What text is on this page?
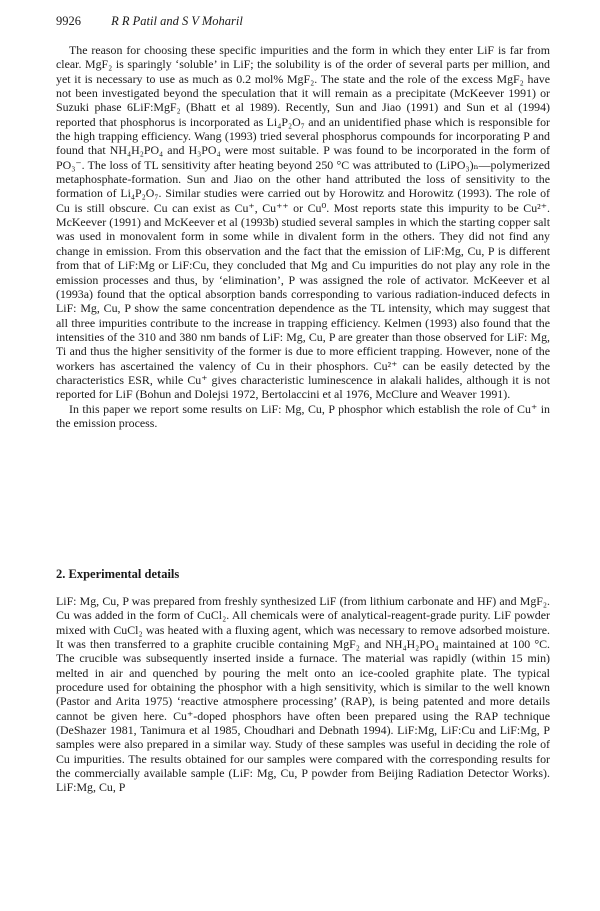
9926 R R Patil and S V Moharil

The reason for choosing these specific impurities and the form in which they enter LiF is far from clear. MgF₂ is sparingly ‘soluble’ in LiF; the solubility is of the order of several parts per million, and yet it is necessary to use as much as 0.2 mol% MgF₂. The state and the role of the excess MgF₂ have not been investigated beyond the speculation that it will remain as a precipitate (McKeever 1991) or Suzuki phase 6LiF:MgF₂ (Bhatt et al 1989). Recently, Sun and Jiao (1991) and Sun et al (1994) reported that phosphorus is incorporated as Li₄P₂O₇ and an unidentified phase which is responsible for the high trapping efficiency. Wang (1993) tried several phosphorus compounds for incorporating P and found that NH₄H₂PO₄ and H₃PO₄ were most suitable. P was found to be incorporated in the form of PO₃⁻. The loss of TL sensitivity after heating beyond 250 °C was attributed to (LiPO₃)ₙ—polymerized metaphosphate-formation. Sun and Jiao on the other hand attributed the loss of sensitivity to the formation of Li₄P₂O₇. Similar studies were carried out by Horowitz and Horowitz (1993). The role of Cu is still obscure. Cu can exist as Cu⁺, Cu⁺⁺ or Cu⁰. Most reports state this impurity to be Cu²⁺. McKeever (1991) and McKeever et al (1993b) studied several samples in which the starting copper salt was used in monovalent form in some while in divalent form in the others. They did not find any change in emission. From this observation and the fact that the emission of LiF:Mg, Cu, P is different from that of LiF:Mg or LiF:Cu, they concluded that Mg and Cu impurities do not play any role in the emission processes and thus, by ‘elimination’, P was assigned the role of activator. McKeever et al (1993a) found that the optical absorption bands corresponding to various radiation-induced defects in LiF: Mg, Cu, P show the same concentration dependence as the TL intensity, which may suggest that all three impurities contribute to the increase in trapping efficiency. Kelmen (1993) also found that the intensities of the 310 and 380 nm bands of LiF: Mg, Cu, P are greater than those observed for LiF: Mg, Ti and thus the higher sensitivity of the former is due to more efficient trapping. However, none of the workers has ascertained the valency of Cu in their phosphors. Cu²⁺ can be easily detected by the characteristics ESR, while Cu⁺ gives characteristic luminescence in alakali halides, although it is not reported for LiF (Bohun and Dolejsi 1972, Bertolaccini et al 1976, McClure and Weaver 1991).

In this paper we report some results on LiF: Mg, Cu, P phosphor which establish the role of Cu⁺ in the emission process.

2. Experimental details

LiF: Mg, Cu, P was prepared from freshly synthesized LiF (from lithium carbonate and HF) and MgF₂. Cu was added in the form of CuCl₂. All chemicals were of analytical-reagent-grade purity. LiF powder mixed with CuCl₂ was heated with a fluxing agent, which was necessary to remove adsorbed moisture. It was then transferred to a graphite crucible containing MgF₂ and NH₄H₂PO₄ maintained at 100 °C. The crucible was subsequently inserted inside a furnace. The material was rapidly (within 15 min) melted in air and quenched by pouring the melt onto an ice-cooled graphite plate. The typical procedure used for obtaining the phosphor with a high sensitivity, which is similar to the well known (Pastor and Arita 1975) ‘reactive atmosphere processing’ (RAP), is being patented and more details cannot be given here. Cu⁺-doped phosphors have often been prepared using the RAP technique (DeShazer 1981, Tanimura et al 1985, Choudhari and Debnath 1994). LiF:Mg, LiF:Cu and LiF:Mg, P samples were also prepared in a similar way. Study of these samples was useful in deciding the role of Cu impurities. The results obtained for our samples were compared with the corresponding results for the commercially available sample (LiF: Mg, Cu, P powder from Beijing Radiation Detector Works). LiF:Mg, Cu, P
